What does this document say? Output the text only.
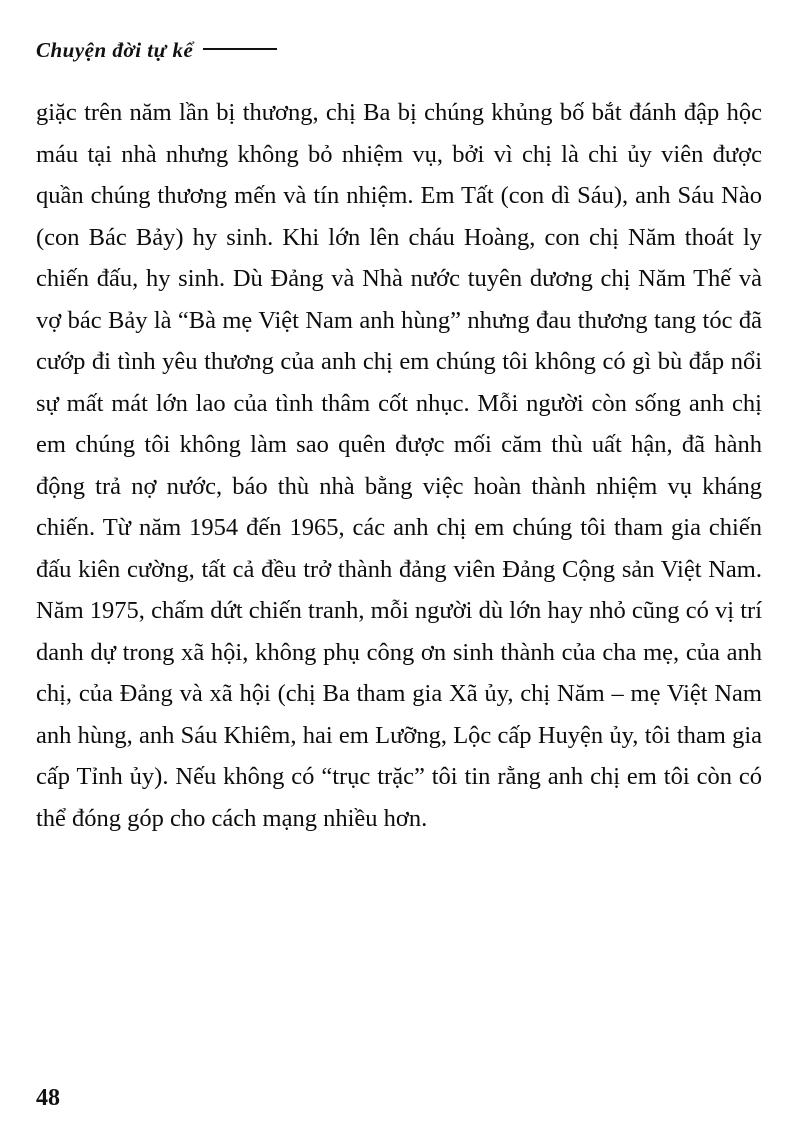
Chuyện đời tự kể

giặc trên năm lần bị thương, chị Ba bị chúng khủng bố bắt đánh đập hộc máu tại nhà nhưng không bỏ nhiệm vụ, bởi vì chị là chi ủy viên được quần chúng thương mến và tín nhiệm. Em Tất (con dì Sáu), anh Sáu Nào (con Bác Bảy) hy sinh. Khi lớn lên cháu Hoàng, con chị Năm thoát ly chiến đấu, hy sinh. Dù Đảng và Nhà nước tuyên dương chị Năm Thế và vợ bác Bảy là “Bà mẹ Việt Nam anh hùng” nhưng đau thương tang tóc đã cướp đi tình yêu thương của anh chị em chúng tôi không có gì bù đắp nổi sự mất mát lớn lao của tình thâm cốt nhục. Mỗi người còn sống anh chị em chúng tôi không làm sao quên được mối căm thù uất hận, đã hành động trả nợ nước, báo thù nhà bằng việc hoàn thành nhiệm vụ kháng chiến. Từ năm 1954 đến 1965, các anh chị em chúng tôi tham gia chiến đấu kiên cường, tất cả đều trở thành đảng viên Đảng Cộng sản Việt Nam. Năm 1975, chấm dứt chiến tranh, mỗi người dù lớn hay nhỏ cũng có vị trí danh dự trong xã hội, không phụ công ơn sinh thành của cha mẹ, của anh chị, của Đảng và xã hội (chị Ba tham gia Xã ủy, chị Năm – mẹ Việt Nam anh hùng, anh Sáu Khiêm, hai em Lưỡng, Lộc cấp Huyện ủy, tôi tham gia cấp Tỉnh ủy). Nếu không có “trục trặc” tôi tin rằng anh chị em tôi còn có thể đóng góp cho cách mạng nhiều hơn.

48
